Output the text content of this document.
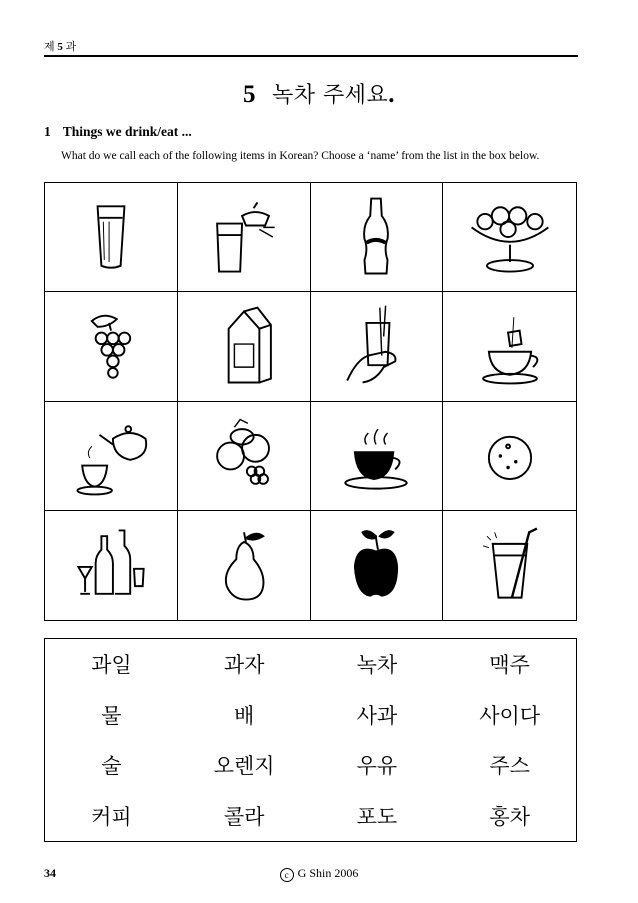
제 5 과
5 녹차 주세요.
1 Things we drink/eat ...
What do we call each of the following items in Korean? Choose a ‘name’ from the list in the box below.
과일	과자	녹차	맥주
물	배	사과	사이다
술	오렌지	우유	주스
커피	콜라	포도	홍차
34	c G Shin 2006
